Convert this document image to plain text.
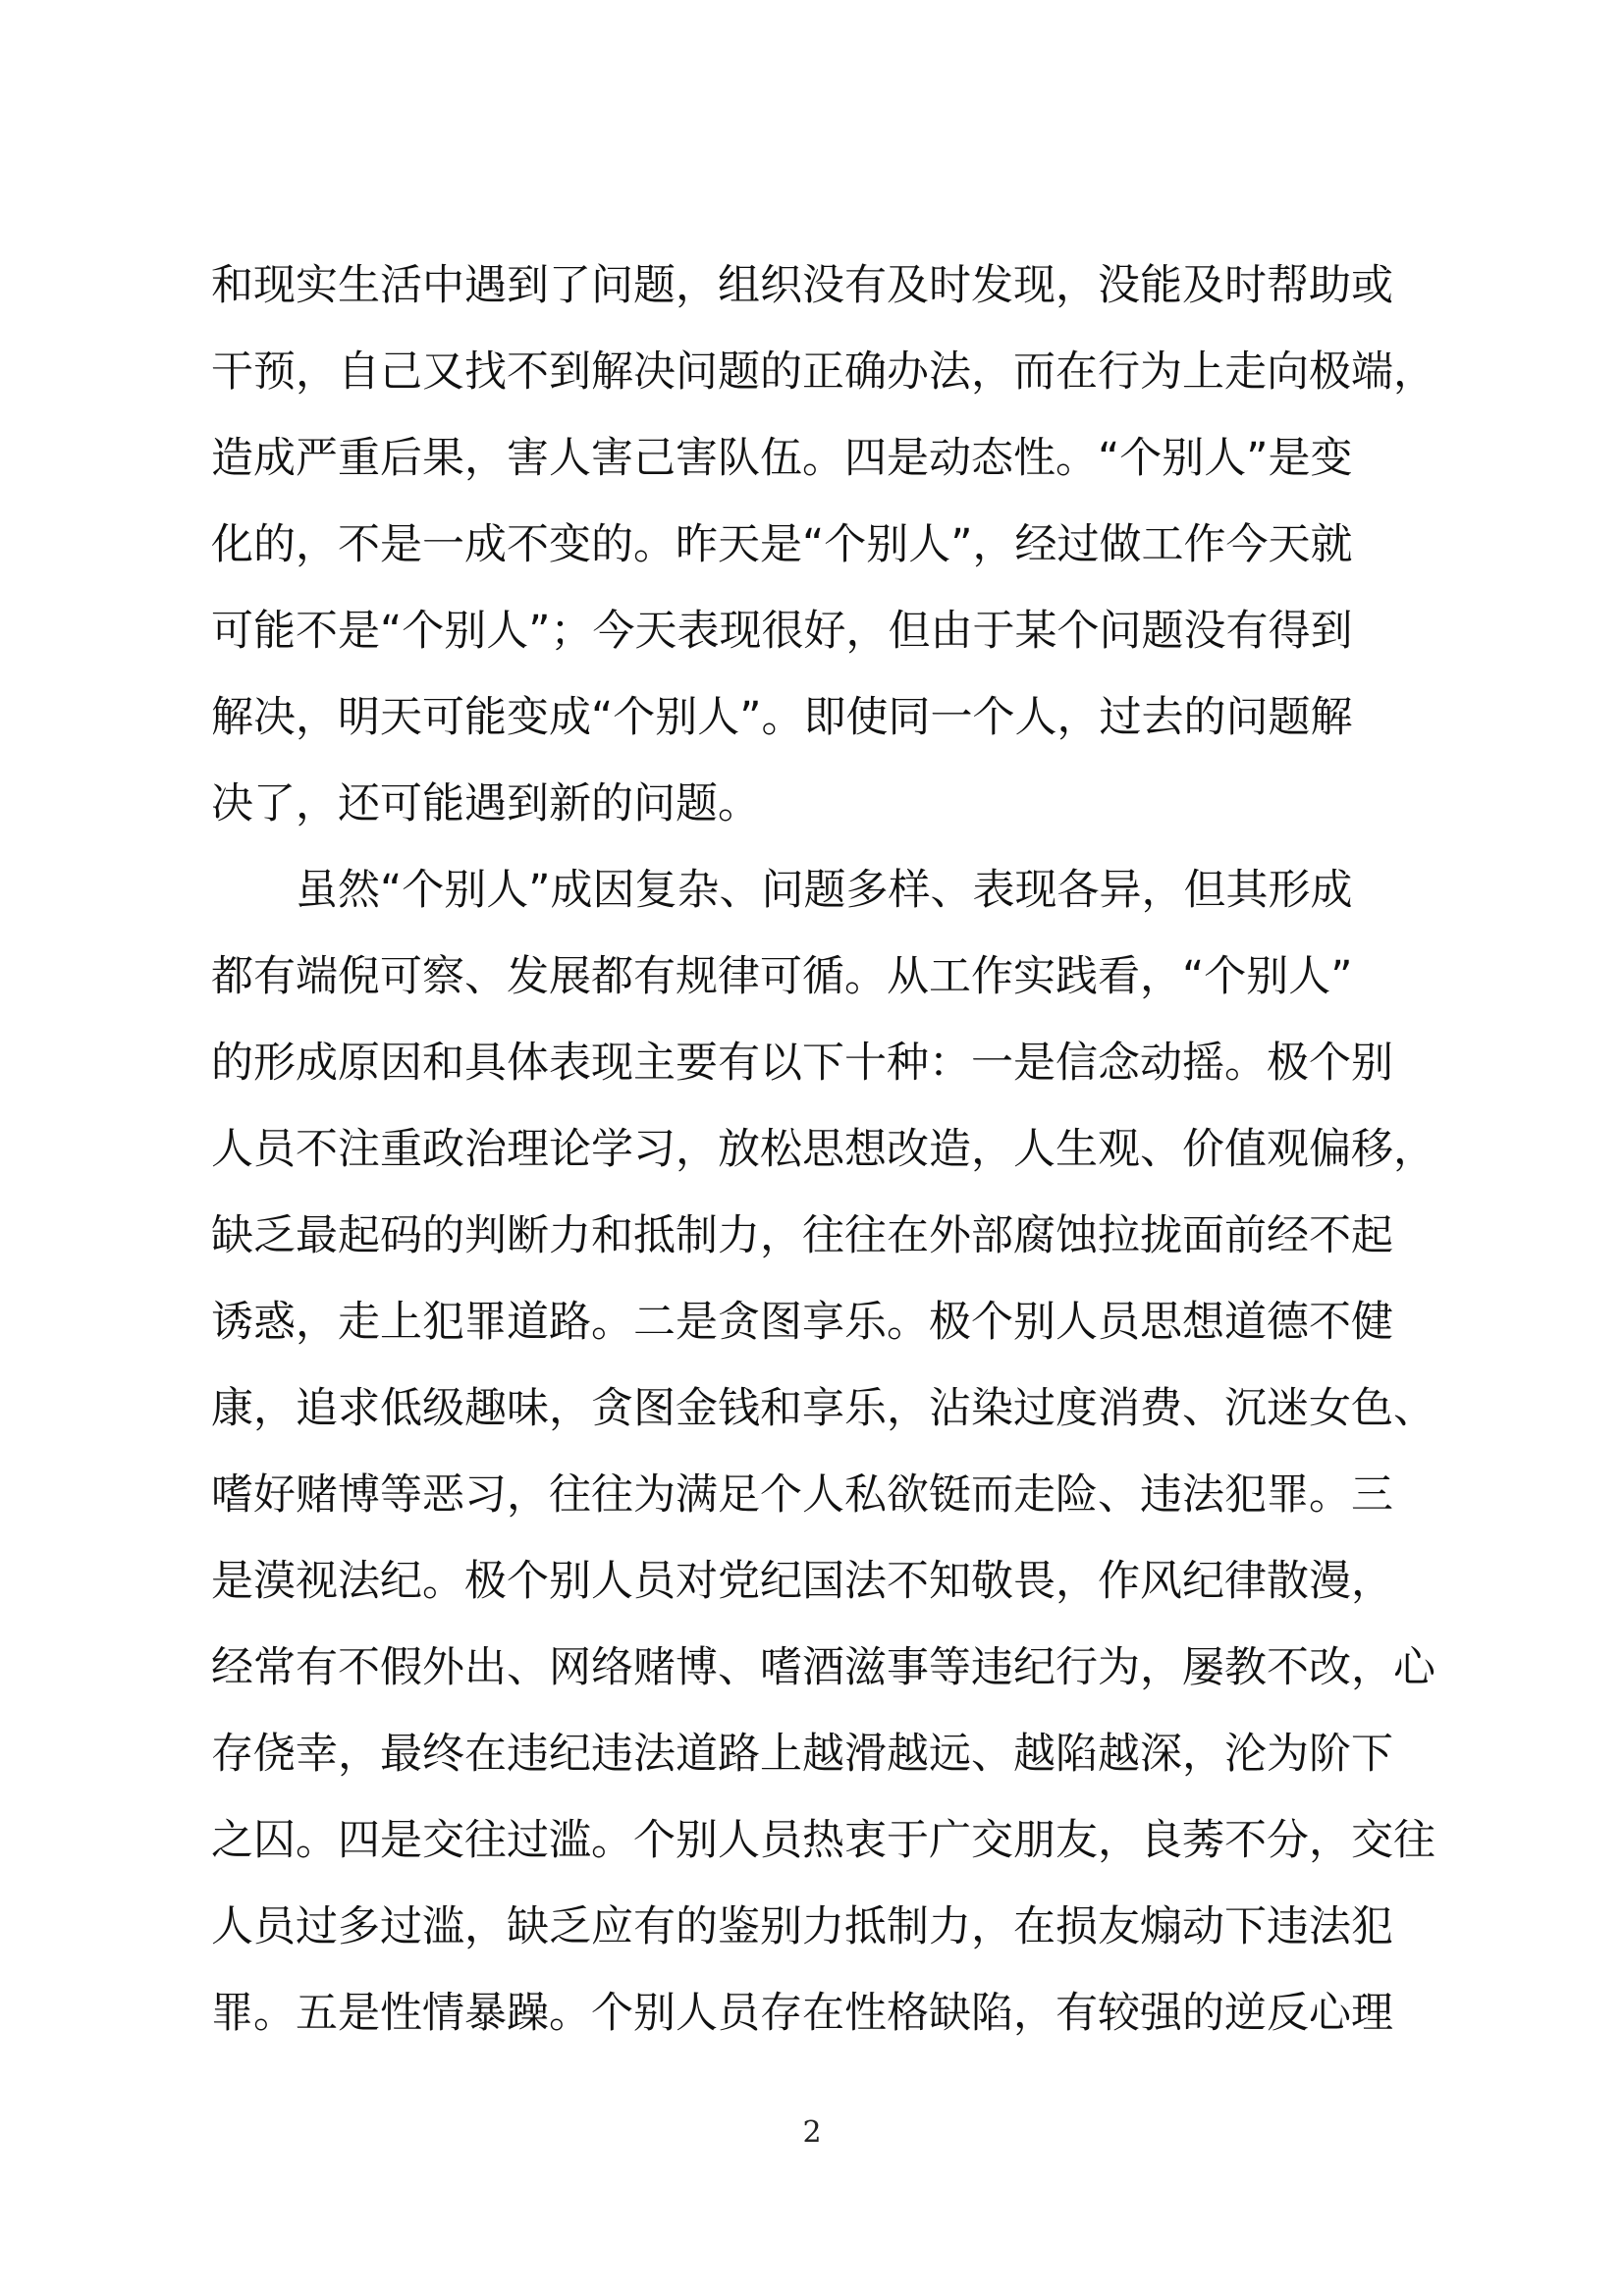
和现实生活中遇到了问题，组织没有及时发现，没能及时帮助或
干预，自己又找不到解决问题的正确办法，而在行为上走向极端，
造成严重后果，害人害己害队伍。四是动态性。“个别人”是变
化的，不是一成不变的。昨天是“个别人”，经过做工作今天就
可能不是“个别人”；今天表现很好，但由于某个问题没有得到
解决，明天可能变成“个别人”。即使同一个人，过去的问题解
决了，还可能遇到新的问题。
虽然“个别人”成因复杂、问题多样、表现各异，但其形成
都有端倪可察、发展都有规律可循。从工作实践看，“个别人”
的形成原因和具体表现主要有以下十种：一是信念动摇。极个别
人员不注重政治理论学习，放松思想改造，人生观、价值观偏移，
缺乏最起码的判断力和抵制力，往往在外部腐蚀拉拢面前经不起
诱惑，走上犯罪道路。二是贪图享乐。极个别人员思想道德不健
康，追求低级趣味，贪图金钱和享乐，沾染过度消费、沉迷女色、
嗜好赌博等恶习，往往为满足个人私欲铤而走险、违法犯罪。三
是漠视法纪。极个别人员对党纪国法不知敬畏，作风纪律散漫，
经常有不假外出、网络赌博、嗜酒滋事等违纪行为，屡教不改，心
存侥幸，最终在违纪违法道路上越滑越远、越陷越深，沦为阶下
之囚。四是交往过滥。个别人员热衷于广交朋友，良莠不分，交往
人员过多过滥，缺乏应有的鉴别力抵制力，在损友煽动下违法犯
罪。五是性情暴躁。个别人员存在性格缺陷，有较强的逆反心理
2
